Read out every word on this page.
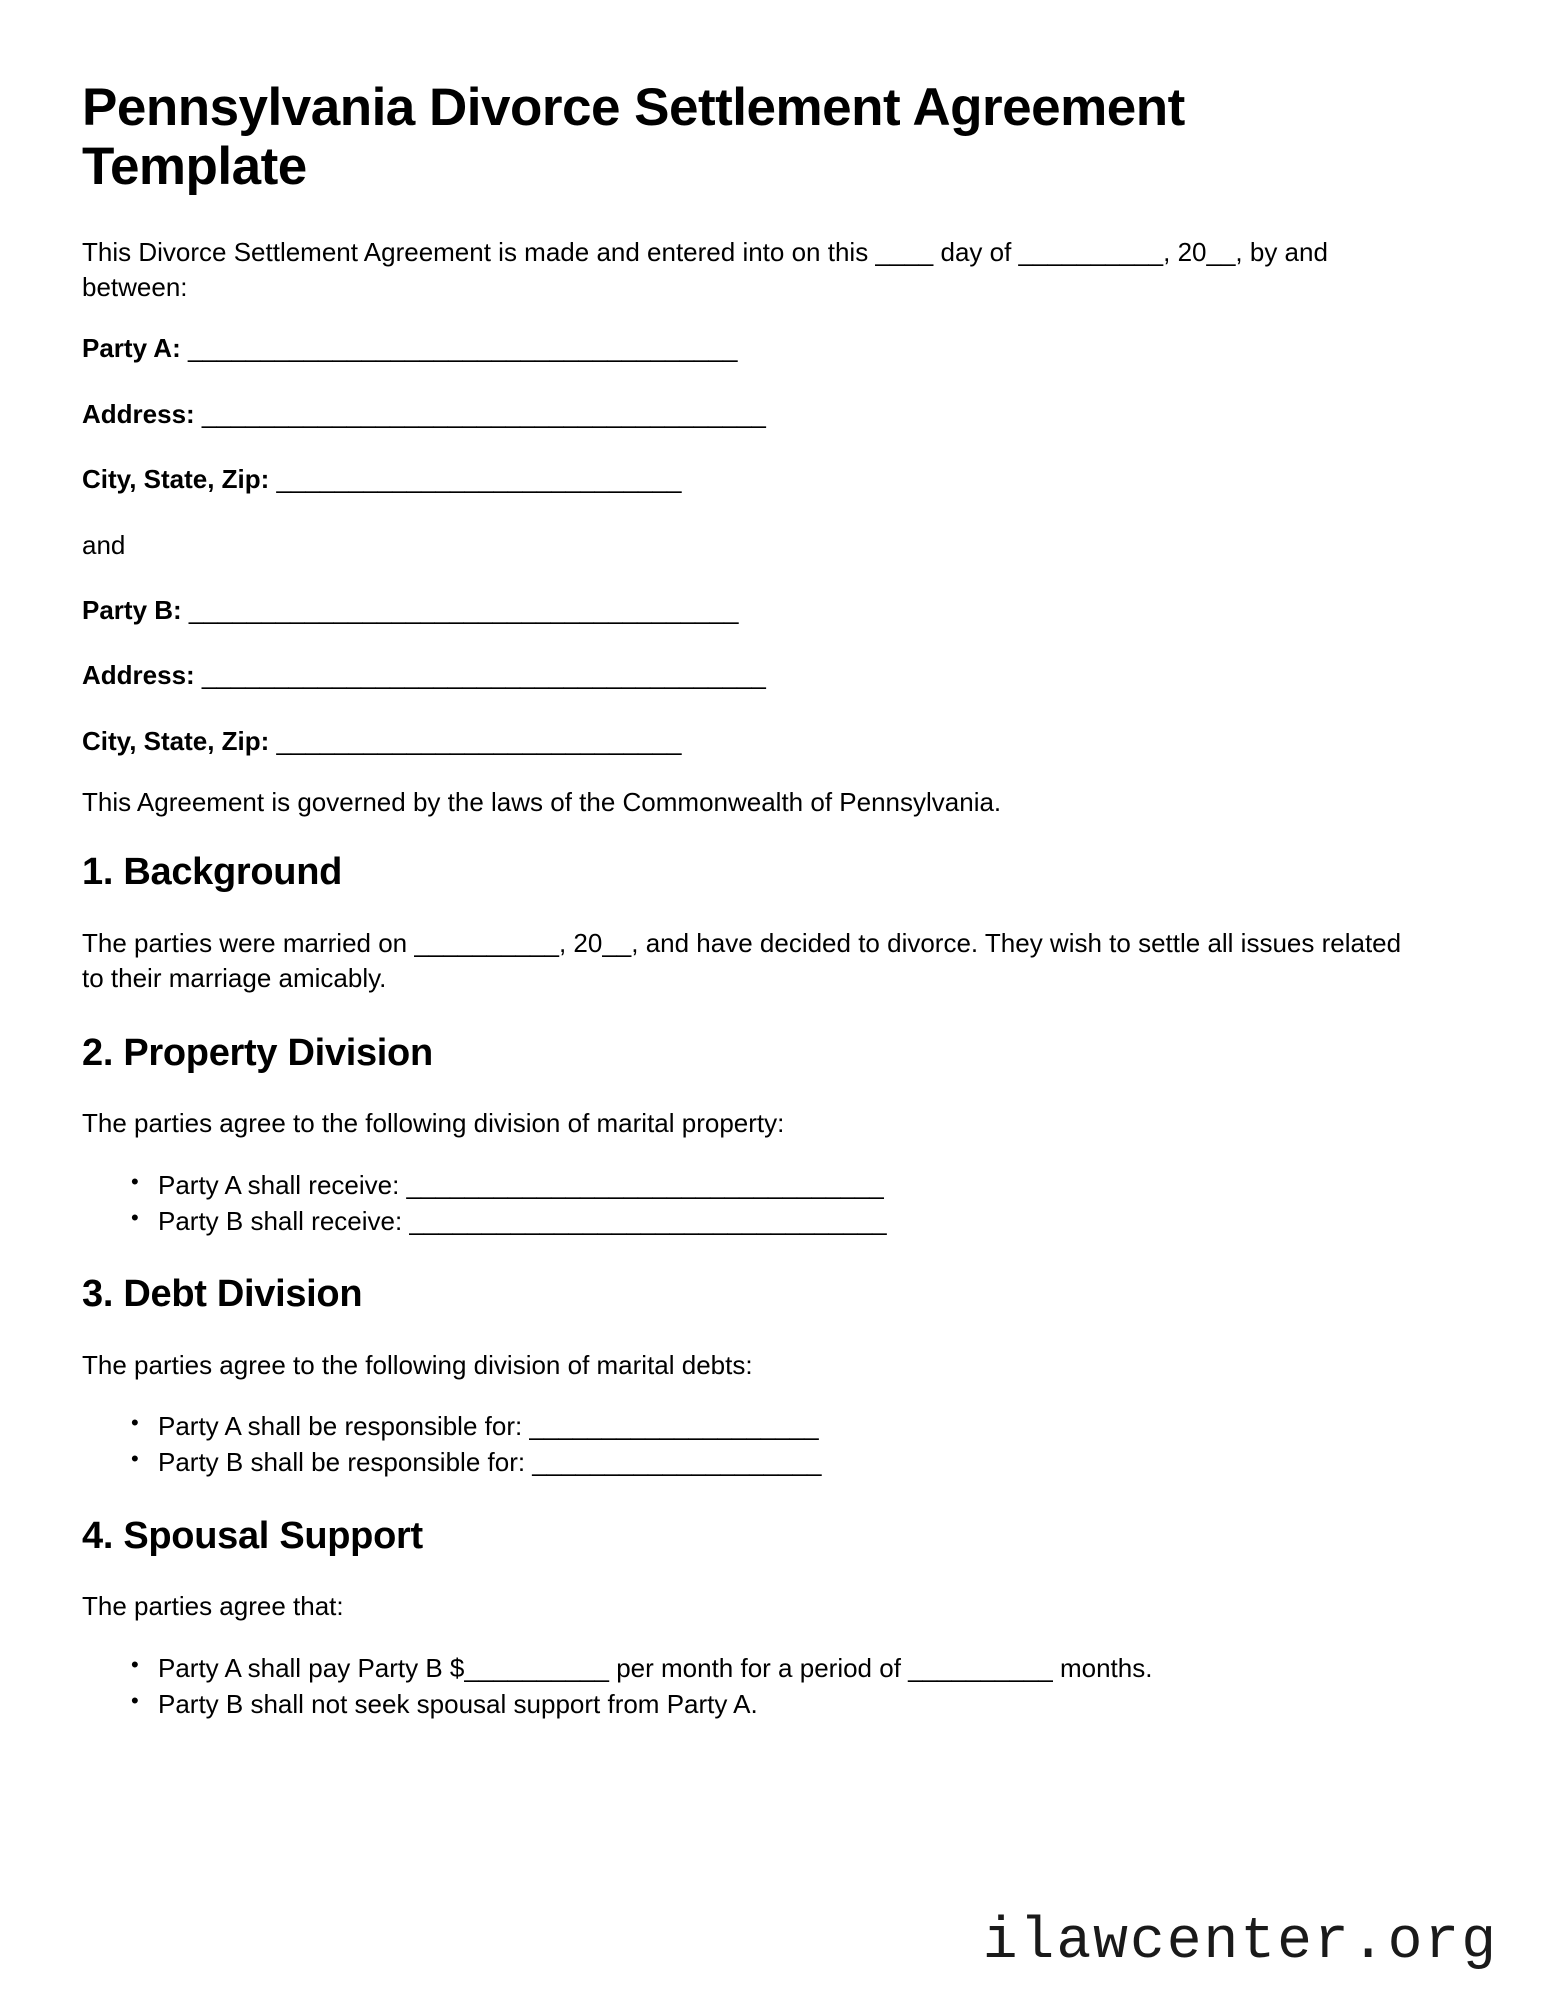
Pennsylvania Divorce Settlement Agreement Template

This Divorce Settlement Agreement is made and entered into on this ____ day of __________, 20__, by and between:

Party A: ______________________________________

Address: _______________________________________

City, State, Zip: ____________________________

and

Party B: ______________________________________

Address: _______________________________________

City, State, Zip: ____________________________

This Agreement is governed by the laws of the Commonwealth of Pennsylvania.

1. Background

The parties were married on __________, 20__, and have decided to divorce. They wish to settle all issues related to their marriage amicably.

2. Property Division

The parties agree to the following division of marital property:

• Party A shall receive: _________________________________
• Party B shall receive: _________________________________
3. Debt Division

The parties agree to the following division of marital debts:

• Party A shall be responsible for: ____________________
• Party B shall be responsible for: ____________________
4. Spousal Support

The parties agree that:

• Party A shall pay Party B $__________ per month for a period of __________ months.
• Party B shall not seek spousal support from Party A.
ilawcenter.org
